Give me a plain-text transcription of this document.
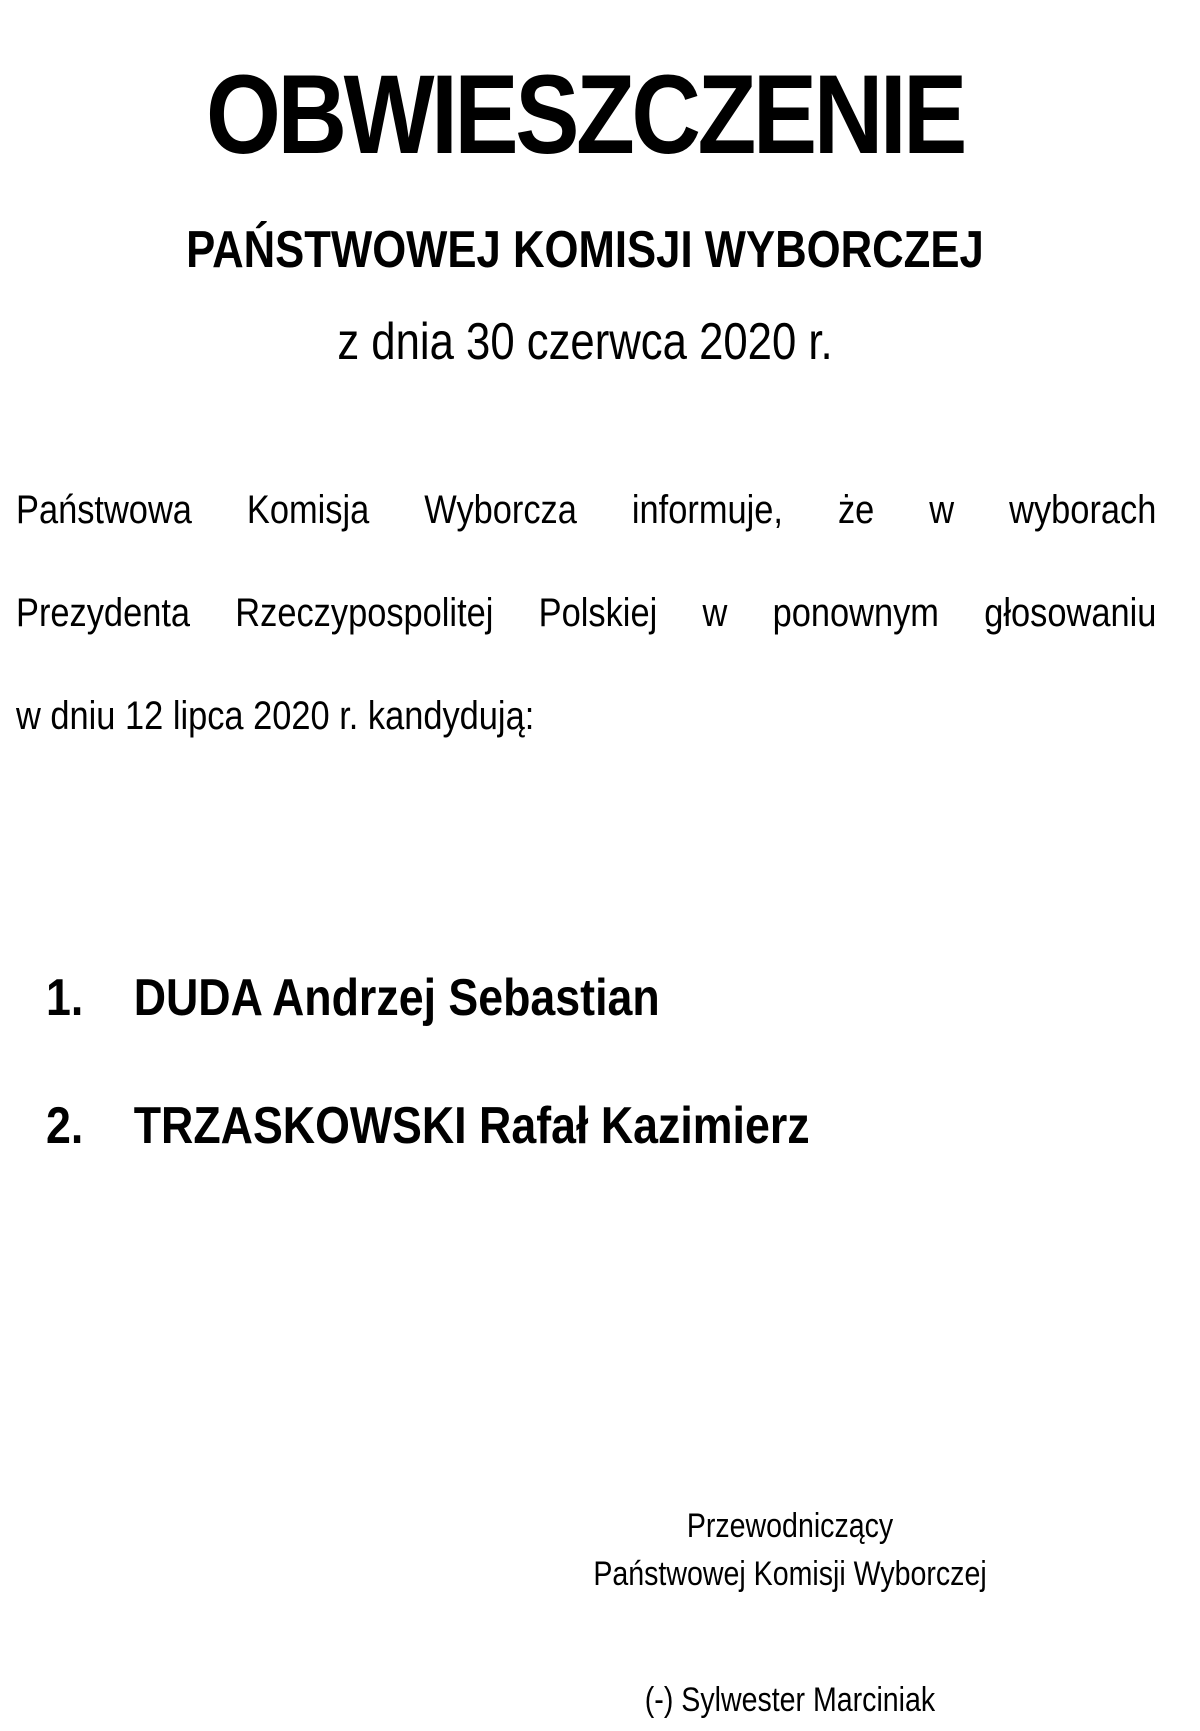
OBWIESZCZENIE
PAŃSTWOWEJ KOMISJI WYBORCZEJ
z dnia 30 czerwca 2020 r.
Państwowa Komisja Wyborcza informuje, że w wyborach
Prezydenta Rzeczypospolitej Polskiej w ponownym głosowaniu
w dniu 12 lipca 2020 r. kandydują:
1. DUDA Andrzej Sebastian
2. TRZASKOWSKI Rafał Kazimierz
Przewodniczący
Państwowej Komisji Wyborczej
(-) Sylwester Marciniak
